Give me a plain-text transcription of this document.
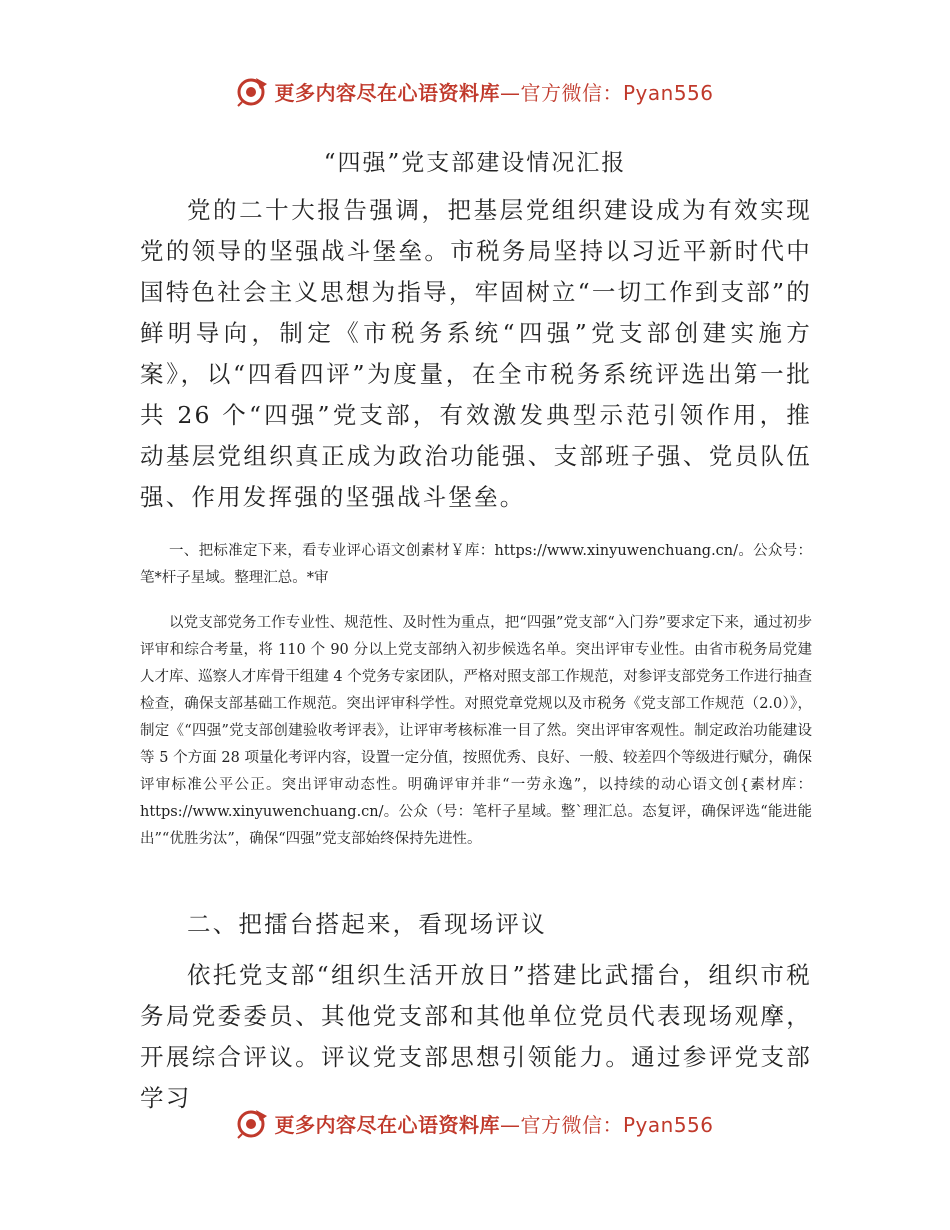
更多内容尽在心语资料库—官方微信：Pyan556
“四强”党支部建设情况汇报

党的二十大报告强调，把基层党组织建设成为有效实现党的领导的坚强战斗堡垒。市税务局坚持以习近平新时代中国特色社会主义思想为指导，牢固树立“一切工作到支部”的鲜明导向，制定《市税务系统“四强”党支部创建实施方案》，以“四看四评”为度量，在全市税务系统评选出第一批共 26 个“四强”党支部，有效激发典型示范引领作用，推动基层党组织真正成为政治功能强、支部班子强、党员队伍强、作用发挥强的坚强战斗堡垒。

一、把标准定下来，看专业评心语文创素材￥库：https://www.xinyuwenchuang.cn/。公众号：笔*杆子星域。整理汇总。*审

以党支部党务工作专业性、规范性、及时性为重点，把“四强”党支部“入门券”要求定下来，通过初步评审和综合考量，将 110 个 90 分以上党支部纳入初步候选名单。突出评审专业性。由省市税务局党建人才库、巡察人才库骨干组建 4 个党务专家团队，严格对照支部工作规范，对参评支部党务工作进行抽查检查，确保支部基础工作规范。突出评审科学性。对照党章党规以及市税务《党支部工作规范（2.0）》，制定《“四强”党支部创建验收考评表》，让评审考核标准一目了然。突出评审客观性。制定政治功能建设等 5 个方面 28 项量化考评内容，设置一定分值，按照优秀、良好、一般、较差四个等级进行赋分，确保评审标准公平公正。突出评审动态性。明确评审并非“一劳永逸”，以持续的动心语文创{素材库：https://www.xinyuwenchuang.cn/。公众（号：笔杆子星域。整`理汇总。态复评，确保评选“能进能出”“优胜劣汰”，确保“四强”党支部始终保持先进性。

二、把擂台搭起来，看现场评议

依托党支部“组织生活开放日”搭建比武擂台，组织市税务局党委委员、其他党支部和其他单位党员代表现场观摩，开展综合评议。评议党支部思想引领能力。通过参评党支部学习

更多内容尽在心语资料库—官方微信：Pyan556
